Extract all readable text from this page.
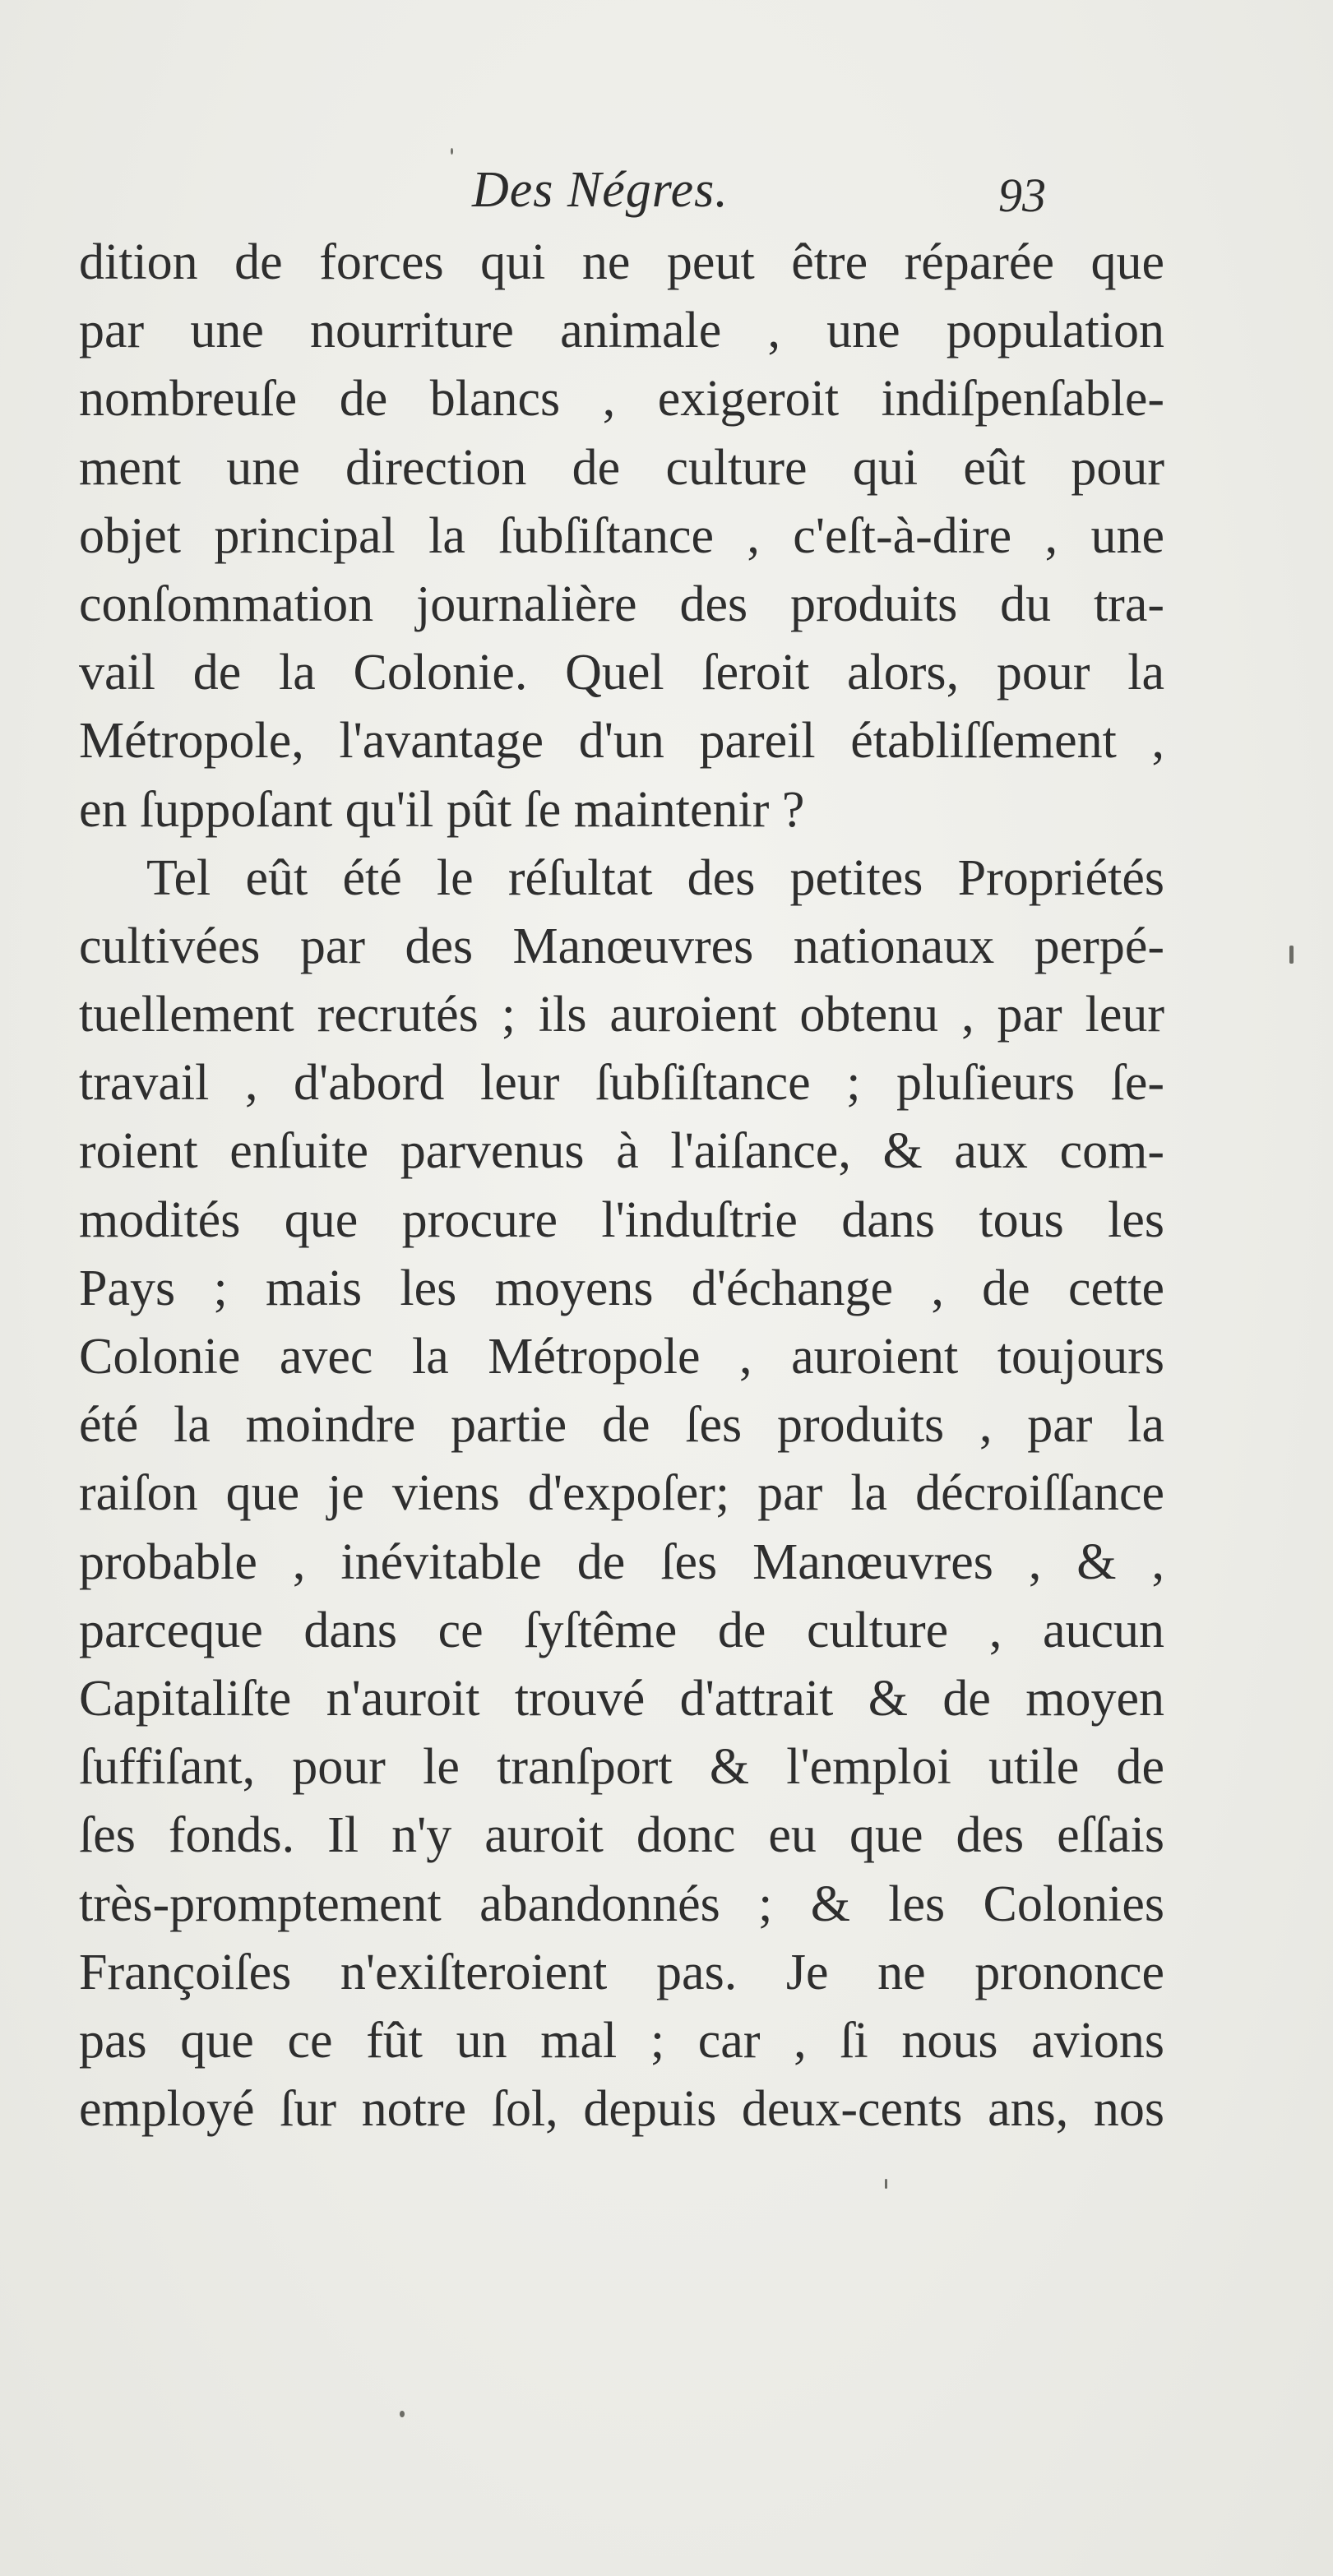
Des Négres.	93
dition de forces qui ne peut être réparée que
par une nourriture animale , une population
nombreuſe de blancs , exigeroit indiſpenſable-
ment une direction de culture qui eût pour
objet principal la ſubſiſtance , c'eſt-à-dire , une
conſommation journalière des produits du tra-
vail de la Colonie. Quel ſeroit alors, pour la
Métropole, l'avantage d'un pareil établiſſement ,
en ſuppoſant qu'il pût ſe maintenir ?
Tel eût été le réſultat des petites Propriétés
cultivées par des Manœuvres nationaux perpé-
tuellement recrutés ; ils auroient obtenu , par leur
travail , d'abord leur ſubſiſtance ; pluſieurs ſe-
roient enſuite parvenus à l'aiſance, & aux com-
modités que procure l'induſtrie dans tous les
Pays ; mais les moyens d'échange , de cette
Colonie avec la Métropole , auroient toujours
été la moindre partie de ſes produits , par la
raiſon que je viens d'expoſer; par la décroiſſance
probable , inévitable de ſes Manœuvres , & ,
parceque dans ce ſyſtême de culture , aucun
Capitaliſte n'auroit trouvé d'attrait & de moyen
ſuffiſant, pour le tranſport & l'emploi utile de
ſes fonds. Il n'y auroit donc eu que des eſſais
très-promptement abandonnés ; & les Colonies
Françoiſes n'exiſteroient pas. Je ne prononce
pas que ce fût un mal ; car , ſi nous avions
employé ſur notre ſol, depuis deux-cents ans, nos
